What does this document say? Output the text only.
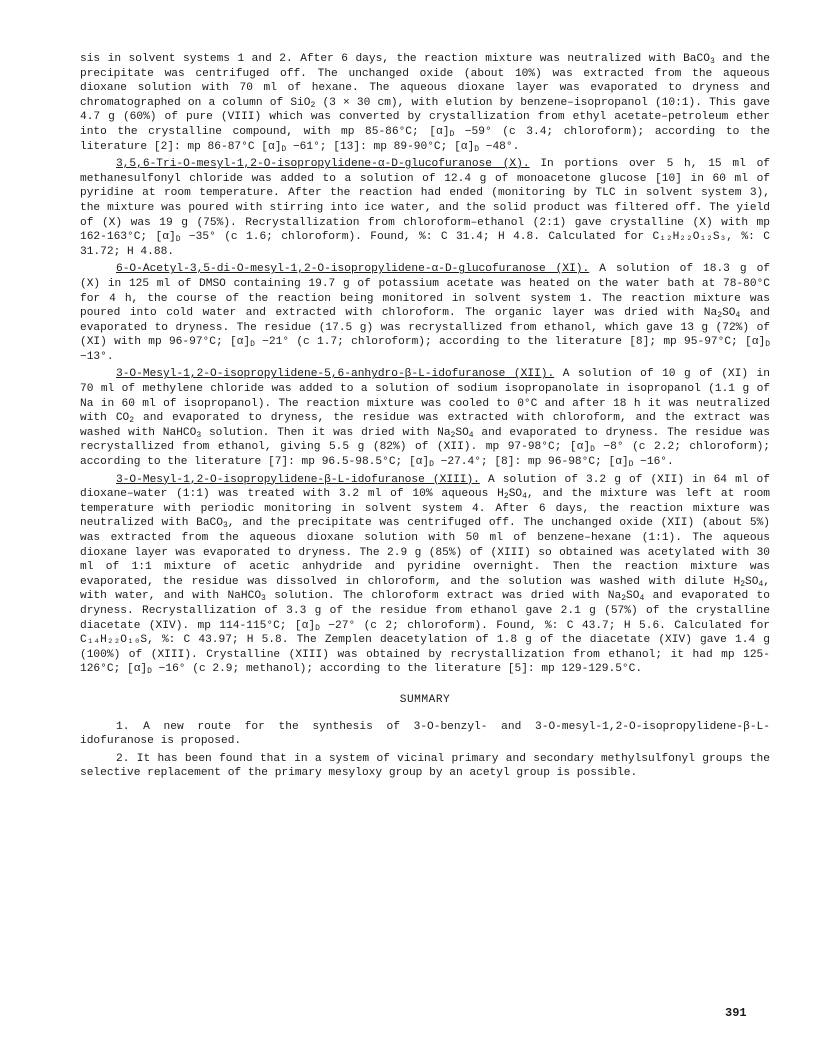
sis in solvent systems 1 and 2. After 6 days, the reaction mixture was neutralized with BaCO$_3$ and the precipitate was centrifuged off. The unchanged oxide (about 10%) was extracted from the aqueous dioxane solution with 70 ml of hexane. The aqueous dioxane layer was evaporated to dryness and chromatographed on a column of SiO$_2$ (3 × 30 cm), with elution by benzene–isopropanol (10:1). This gave 4.7 g (60%) of pure (VIII) which was converted by crystallization from ethyl acetate–petroleum ether into the crystalline compound, with mp 85-86°C; $[\alpha]_D -59^\circ$ (c 3.4; chloroform); according to the literature [2]: mp 86-87°C $[\alpha]_D -61^\circ$; [13]: mp 89-90°C; $[\alpha]_D -48^\circ$.

3,5,6-Tri-O-mesyl-1,2-O-isopropylidene-α-D-glucofuranose (X). In portions over 5 h, 15 ml of methanesulfonyl chloride was added to a solution of 12.4 g of monoacetone glucose [10] in 60 ml of pyridine at room temperature. After the reaction had ended (monitoring by TLC in solvent system 3), the mixture was poured with stirring into ice water, and the solid product was filtered off. The yield of (X) was 19 g (75%). Recrystallization from chloroform–ethanol (2:1) gave crystalline (X) with mp 162-163°C; $[\alpha]_D -35^\circ$ (c 1.6; chloroform). Found, %: C 31.4; H 4.8. Calculated for C₁₂H₂₂O₁₂S₃, %: C 31.72; H 4.88.

6-O-Acetyl-3,5-di-O-mesyl-1,2-O-isopropylidene-α-D-glucofuranose (XI). A solution of 18.3 g of (X) in 125 ml of DMSO containing 19.7 g of potassium acetate was heated on the water bath at 78-80°C for 4 h, the course of the reaction being monitored in solvent system 1. The reaction mixture was poured into cold water and extracted with chloroform. The organic layer was dried with $Na_2SO_4$ and evaporated to dryness. The residue (17.5 g) was recrystallized from ethanol, which gave 13 g (72%) of (XI) with mp 96-97°C; $[\alpha]_D -21^\circ$ (c 1.7; chloroform); according to the literature [8]; mp 95-97°C; $[\alpha]_D -13^\circ$.

3-O-Mesyl-1,2-O-isopropylidene-5,6-anhydro-β-L-idofuranose (XII). A solution of 10 g of (XI) in 70 ml of methylene chloride was added to a solution of sodium isopropanolate in isopropanol (1.1 g of Na in 60 ml of isopropanol). The reaction mixture was cooled to 0°C and after 18 h it was neutralized with $CO_2$ and evaporated to dryness, the residue was extracted with chloroform, and the extract was washed with NaHCO$_3$ solution. Then it was dried with $Na_2SO_4$ and evaporated to dryness. The residue was recrystallized from ethanol, giving 5.5 g (82%) of (XII). mp 97-98°C; $[\alpha]_D -8^\circ$ (c 2.2; chloroform); according to the literature [7]: mp 96.5-98.5°C; $[\alpha]_D -27.4^\circ$; [8]: mp 96-98°C; $[\alpha]_D -16^\circ$.

3-O-Mesyl-1,2-O-isopropylidene-β-L-idofuranose (XIII). A solution of 3.2 g of (XII) in 64 ml of dioxane–water (1:1) was treated with 3.2 ml of 10% aqueous $H_2SO_4$, and the mixture was left at room temperature with periodic monitoring in solvent system 4. After 6 days, the reaction mixture was neutralized with BaCO$_3$, and the precipitate was centrifuged off. The unchanged oxide (XII) (about 5%) was extracted from the aqueous dioxane solution with 50 ml of benzene–hexane (1:1). The aqueous dioxane layer was evaporated to dryness. The 2.9 g (85%) of (XIII) so obtained was acetylated with 30 ml of 1:1 mixture of acetic anhydride and pyridine overnight. Then the reaction mixture was evaporated, the residue was dissolved in chloroform, and the solution was washed with dilute $H_2SO_4$, with water, and with NaHCO$_3$ solution. The chloroform extract was dried with $Na_2SO_4$ and evaporated to dryness. Recrystallization of 3.3 g of the residue from ethanol gave 2.1 g (57%) of the crystalline diacetate (XIV). mp 114-115°C; $[\alpha]_D -27^\circ$ (c 2; chloroform). Found, %: C 43.7; H 5.6. Calculated for C₁₄H₂₂O₁₀S, %: C 43.97; H 5.8. The Zemplen deacetylation of 1.8 g of the diacetate (XIV) gave 1.4 g (100%) of (XIII). Crystalline (XIII) was obtained by recrystallization from ethanol; it had mp 125-126°C; $[\alpha]_D -16^\circ$ (c 2.9; methanol); according to the literature [5]: mp 129-129.5°C.

SUMMARY

1. A new route for the synthesis of 3-O-benzyl- and 3-O-mesyl-1,2-O-isopropylidene-β-L-idofuranose is proposed.

2. It has been found that in a system of vicinal primary and secondary methylsulfonyl groups the selective replacement of the primary mesyloxy group by an acetyl group is possible.

391
